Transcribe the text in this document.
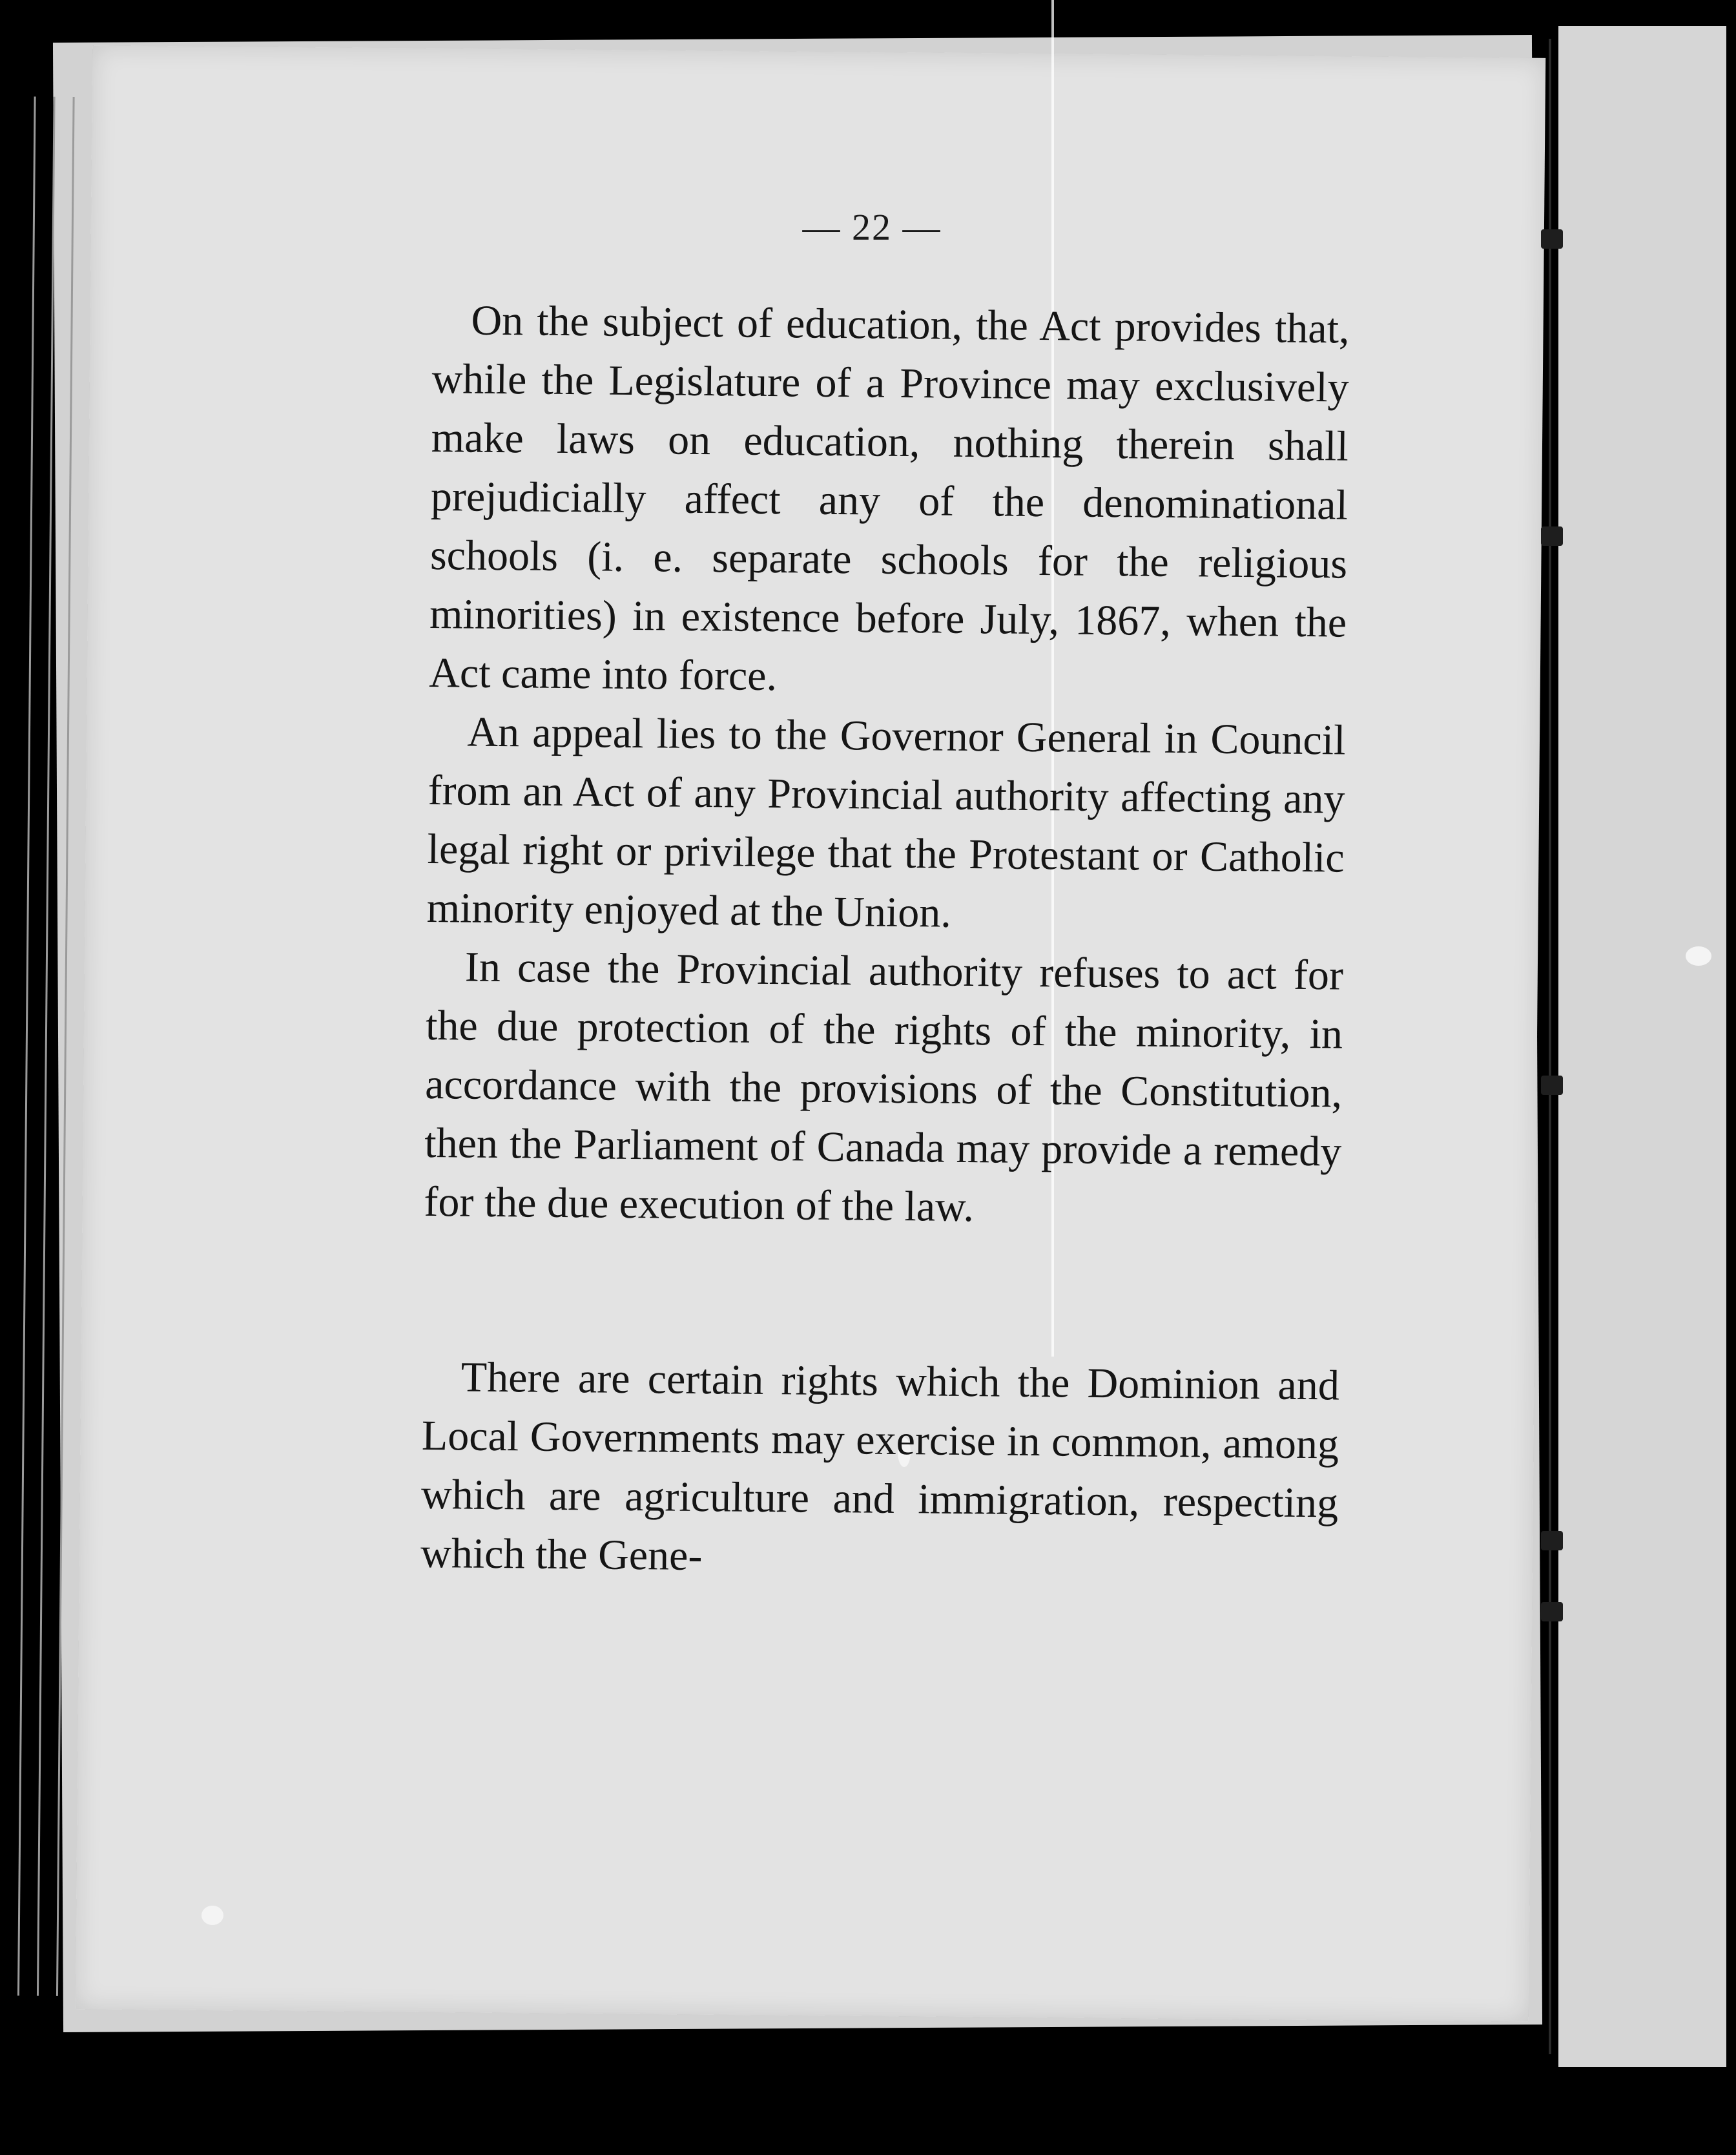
— 22 —

On the subject of education, the Act provides that, while the Legislature of a Province may exclusively make laws on education, nothing therein shall prejudicially affect any of the denominational schools (i. e. separate schools for the religious minorities) in existence before July, 1867, when the Act came into force.

An appeal lies to the Governor General in Council from an Act of any Provincial authority affecting any legal right or privilege that the Protestant or Catholic minority enjoyed at the Union.

In case the Provincial authority refuses to act for the due protection of the rights of the minority, in accordance with the provisions of the Constitution, then the Parliament of Canada may provide a remedy for the due execution of the law.

There are certain rights which the Dominion and Local Governments may exercise in common, among which are agriculture and immigration, respecting which the Gene-
